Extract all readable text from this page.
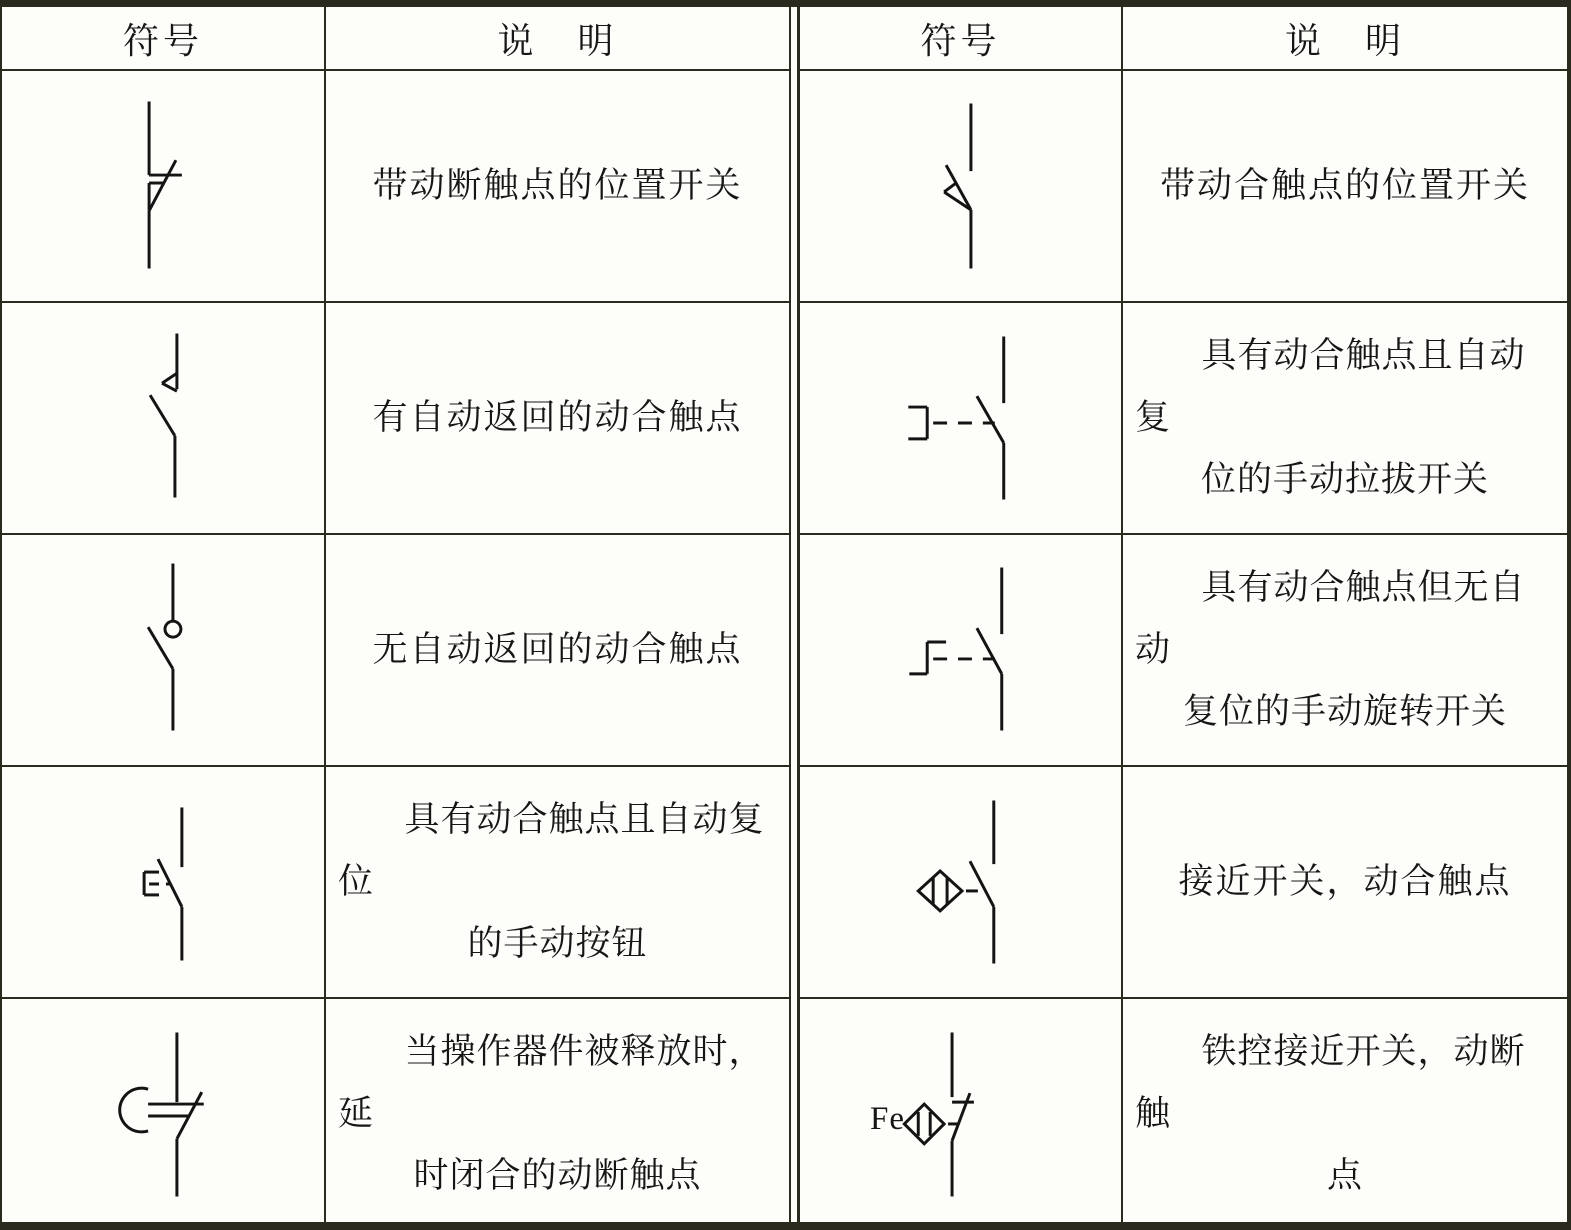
符号	说　明
带动断触点的位置开关
有自动返回的动合触点
无自动返回的动合触点
具有动合触点且自动复位
的手动按钮
当操作器件被释放时，延
时闭合的动断触点
符号	说　明
带动合触点的位置开关
具有动合触点且自动复
位的手动拉拔开关
具有动合触点但无自动
复位的手动旋转开关
接近开关，动合触点
Fe
铁控接近开关，动断触
点
